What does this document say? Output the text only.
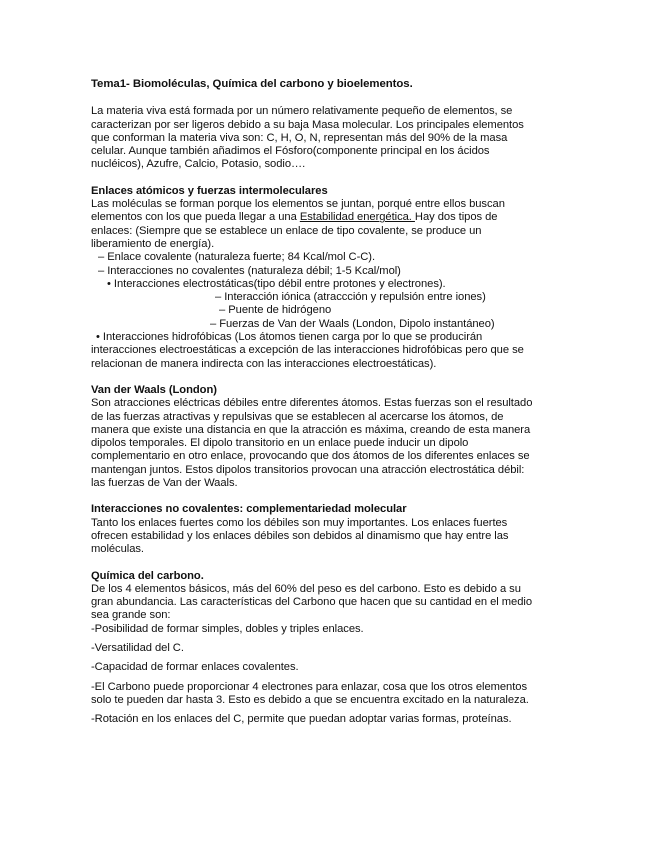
Tema1- Biomoléculas, Química del carbono y bioelementos.

La materia viva está formada por un número relativamente pequeño de elementos, se

caracterizan por ser ligeros debido a su baja Masa molecular. Los principales elementos

que conforman la materia viva son: C, H, O, N, representan más del 90% de la masa

celular. Aunque también añadimos el Fósforo(componente principal en los ácidos

nucléicos), Azufre, Calcio, Potasio, sodio….

Enlaces atómicos y fuerzas intermoleculares

Las moléculas se forman porque los elementos se juntan, porqué entre ellos buscan

elementos con los que pueda llegar a una Estabilidad energética. Hay dos tipos de

enlaces: (Siempre que se establece un enlace de tipo covalente, se produce un

liberamiento de energía).

– Enlace covalente (naturaleza fuerte; 84 Kcal/mol C-C).

– Interacciones no covalentes (naturaleza débil; 1-5 Kcal/mol)

• Interacciones electrostáticas(tipo débil entre protones y electrones).

– Interacción iónica (atraccción y repulsión entre iones)

– Puente de hidrógeno

– Fuerzas de Van der Waals (London, Dipolo instantáneo)

• Interacciones hidrofóbicas (Los átomos tienen carga por lo que se producirán

interacciones electroestáticas a excepción de las interacciones hidrofóbicas pero que se

relacionan de manera indirecta con las interacciones electroestáticas).

Van der Waals (London)

Son atracciones eléctricas débiles entre diferentes átomos. Estas fuerzas son el resultado

de las fuerzas atractivas y repulsivas que se establecen al acercarse los átomos, de

manera que existe una distancia en que la atracción es máxima, creando de esta manera

dipolos temporales. El dipolo transitorio en un enlace puede inducir un dipolo

complementario en otro enlace, provocando que dos átomos de los diferentes enlaces se

mantengan juntos. Estos dipolos transitorios provocan una atracción electrostática débil:

las fuerzas de Van der Waals.

Interacciones no covalentes: complementariedad molecular

Tanto los enlaces fuertes como los débiles son muy importantes. Los enlaces fuertes

ofrecen estabilidad y los enlaces débiles son debidos al dinamismo que hay entre las

moléculas.

Química del carbono.

De los 4 elementos básicos, más del 60% del peso es del carbono. Esto es debido a su

gran abundancia. Las características del Carbono que hacen que su cantidad en el medio

sea grande son:

-Posibilidad de formar simples, dobles y triples enlaces.

-Versatilidad del C.

-Capacidad de formar enlaces covalentes.

-El Carbono puede proporcionar 4 electrones para enlazar, cosa que los otros elementos

solo te pueden dar hasta 3. Esto es debido a que se encuentra excitado en la naturaleza.

-Rotación en los enlaces del C, permite que puedan adoptar varias formas, proteínas.
